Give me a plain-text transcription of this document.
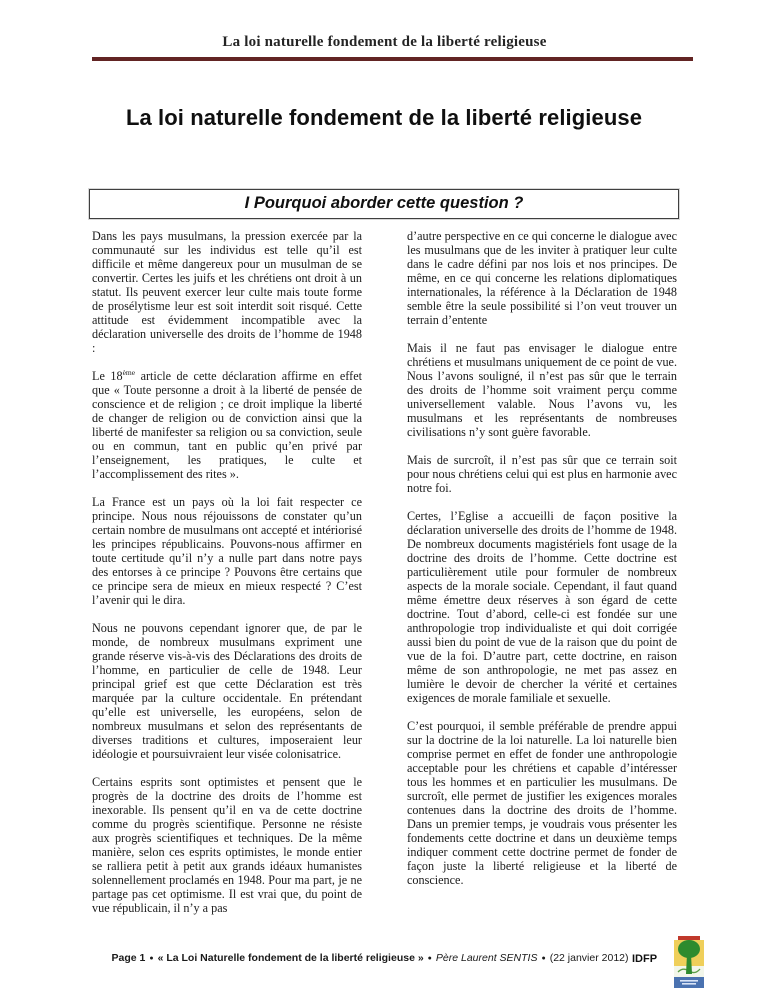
La loi naturelle fondement de la liberté religieuse
La loi naturelle fondement de la liberté religieuse
I Pourquoi aborder cette question ?

Dans les pays musulmans, la pression exercée par la communauté sur les individus est telle qu’il est difficile et même dangereux pour un musulman de se convertir. Certes les juifs et les chrétiens ont droit à un statut. Ils peuvent exercer leur culte mais toute forme de prosélytisme leur est soit interdit soit risqué. Cette attitude est évidemment incompatible avec la déclaration universelle des droits de l’homme de 1948 :

Le 18ème article de cette déclaration affirme en effet que « Toute personne a droit à la liberté de pensée de conscience et de religion ; ce droit implique la liberté de changer de religion ou de conviction ainsi que la liberté de manifester sa religion ou sa conviction, seule ou en commun, tant en public qu’en privé par l’enseignement, les pratiques, le culte et l’accomplissement des rites ».

La France est un pays où la loi fait respecter ce principe. Nous nous réjouissons de constater qu’un certain nombre de musulmans ont accepté et intériorisé les principes républicains. Pouvons-nous affirmer en toute certitude qu’il n’y a nulle part dans notre pays des entorses à ce principe ? Pouvons être certains que ce principe sera de mieux en mieux respecté ? C’est l’avenir qui le dira.

Nous ne pouvons cependant ignorer que, de par le monde, de nombreux musulmans expriment une grande réserve vis-à-vis des Déclarations des droits de l’homme, en particulier de celle de 1948. Leur principal grief est que cette Déclaration est très marquée par la culture occidentale. En prétendant qu’elle est universelle, les européens, selon de nombreux musulmans et selon des représentants de diverses traditions et cultures, imposeraient leur idéologie et poursuivraient leur visée colonisatrice.

Certains esprits sont optimistes et pensent que le progrès de la doctrine des droits de l’homme est inexorable. Ils pensent qu’il en va de cette doctrine comme du progrès scientifique. Personne ne résiste aux progrès scientifiques et techniques. De la même manière, selon ces esprits optimistes, le monde entier se ralliera petit à petit aux grands idéaux humanistes solennellement proclamés en 1948. Pour ma part, je ne partage pas cet optimisme. Il est vrai que, du point de vue républicain, il n’y a pas

d’autre perspective en ce qui concerne le dialogue avec les musulmans que de les inviter à pratiquer leur culte dans le cadre défini par nos lois et nos principes. De même, en ce qui concerne les relations diplomatiques internationales, la référence à la Déclaration de 1948 semble être la seule possibilité si l’on veut trouver un terrain d’entente

Mais il ne faut pas envisager le dialogue entre chrétiens et musulmans uniquement de ce point de vue. Nous l’avons souligné, il n’est pas sûr que le terrain des droits de l’homme soit vraiment perçu comme universellement valable. Nous l’avons vu, les musulmans et les représentants de nombreuses civilisations n’y sont guère favorable.

Mais de surcroît, il n’est pas sûr que ce terrain soit pour nous chrétiens celui qui est plus en harmonie avec notre foi.

Certes, l’Eglise a accueilli de façon positive la déclaration universelle des droits de l’homme de 1948. De nombreux documents magistériels font usage de la doctrine des droits de l’homme. Cette doctrine est particulièrement utile pour formuler de nombreux aspects de la morale sociale. Cependant, il faut quand même émettre deux réserves à son égard de cette doctrine. Tout d’abord, celle-ci est fondée sur une anthropologie trop individualiste et qui doit corrigée aussi bien du point de vue de la raison que du point de vue de la foi. D’autre part, cette doctrine, en raison même de son anthropologie, ne met pas assez en lumière le devoir de chercher la vérité et certaines exigences de morale familiale et sexuelle.

C’est pourquoi, il semble préférable de prendre appui sur la doctrine de la loi naturelle. La loi naturelle bien comprise permet en effet de fonder une anthropologie acceptable pour les chrétiens et capable d’intéresser tous les hommes et en particulier les musulmans. De surcroît, elle permet de justifier les exigences morales contenues dans la doctrine des droits de l’homme. Dans un premier temps, je voudrais vous présenter les fondements cette doctrine et dans un deuxième temps indiquer comment cette doctrine permet de fonder de façon juste la liberté religieuse et la liberté de conscience.

Page 1 ● « La Loi Naturelle fondement de la liberté religieuse » ● Père Laurent SENTIS ● (22 janvier 2012) IDFP
